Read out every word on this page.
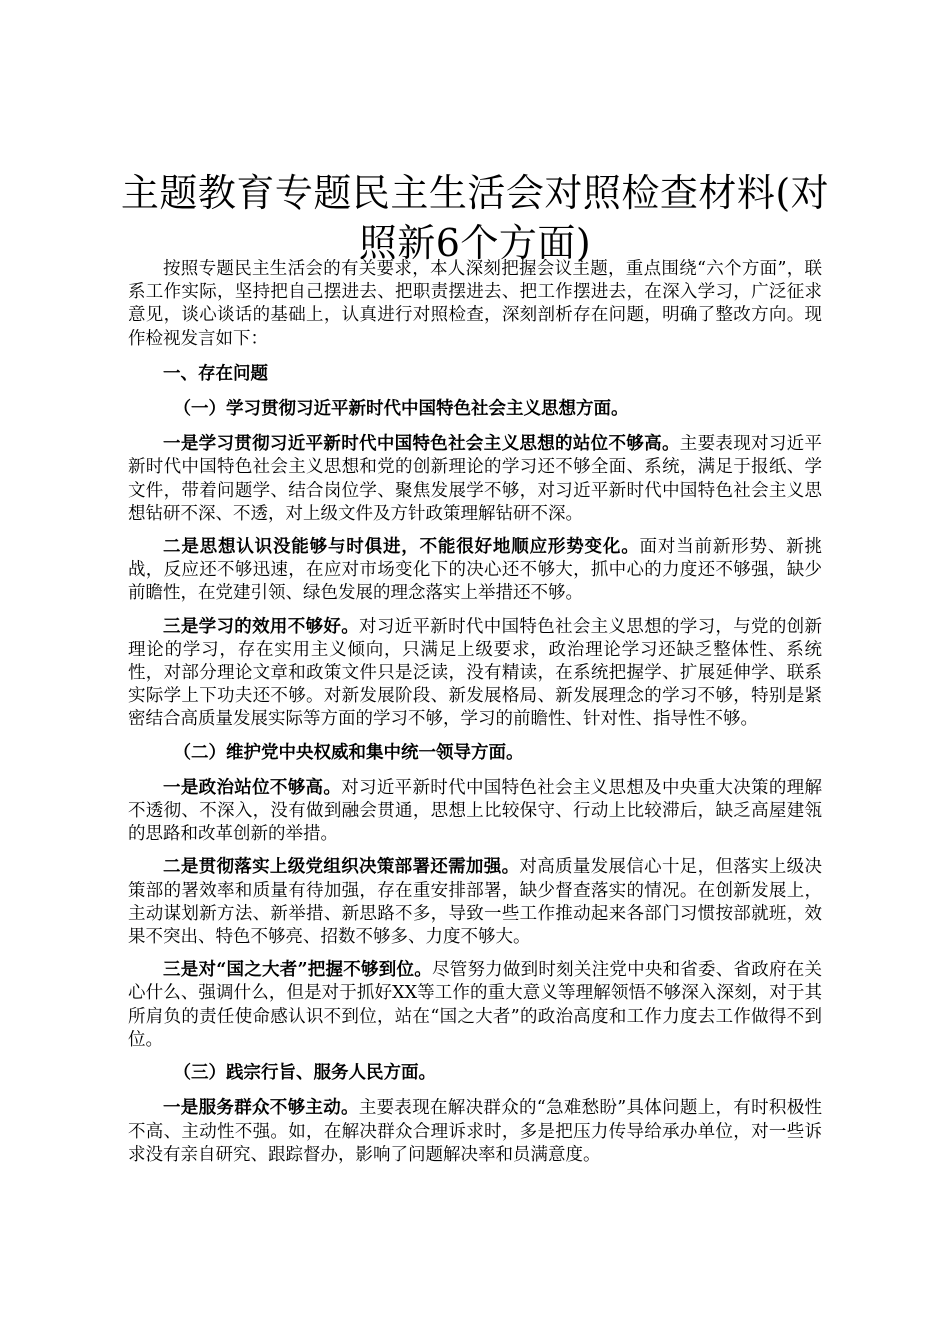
主题教育专题民主生活会对照检查材料(对照新6个方面)

按照专题民主生活会的有关要求，本人深刻把握会议主题，重点围绕“六个方面”，联系工作实际，坚持把自己摆进去、把职责摆进去、把工作摆进去，在深入学习，广泛征求意见，谈心谈话的基础上，认真进行对照检查，深刻剖析存在问题，明确了整改方向。现作检视发言如下：

一、存在问题

（一）学习贯彻习近平新时代中国特色社会主义思想方面。

一是学习贯彻习近平新时代中国特色社会主义思想的站位不够高。主要表现对习近平新时代中国特色社会主义思想和党的创新理论的学习还不够全面、系统，满足于报纸、学文件，带着问题学、结合岗位学、聚焦发展学不够，对习近平新时代中国特色社会主义思想钻研不深、不透，对上级文件及方针政策理解钻研不深。

二是思想认识没能够与时俱进，不能很好地顺应形势变化。面对当前新形势、新挑战，反应还不够迅速，在应对市场变化下的决心还不够大，抓中心的力度还不够强，缺少前瞻性，在党建引领、绿色发展的理念落实上举措还不够。

三是学习的效用不够好。对习近平新时代中国特色社会主义思想的学习，与党的创新理论的学习，存在实用主义倾向，只满足上级要求，政治理论学习还缺乏整体性、系统性，对部分理论文章和政策文件只是泛读，没有精读，在系统把握学、扩展延伸学、联系实际学上下功夫还不够。对新发展阶段、新发展格局、新发展理念的学习不够，特别是紧密结合高质量发展实际等方面的学习不够，学习的前瞻性、针对性、指导性不够。

（二）维护党中央权威和集中统一领导方面。

一是政治站位不够高。对习近平新时代中国特色社会主义思想及中央重大决策的理解不透彻、不深入，没有做到融会贯通，思想上比较保守、行动上比较滞后，缺乏高屋建瓴的思路和改革创新的举措。

二是贯彻落实上级党组织决策部署还需加强。对高质量发展信心十足，但落实上级决策部的署效率和质量有待加强，存在重安排部署，缺少督查落实的情况。在创新发展上，主动谋划新方法、新举措、新思路不多，导致一些工作推动起来各部门习惯按部就班，效果不突出、特色不够亮、招数不够多、力度不够大。

三是对“国之大者”把握不够到位。尽管努力做到时刻关注党中央和省委、省政府在关心什么、强调什么，但是对于抓好XX等工作的重大意义等理解领悟不够深入深刻，对于其所肩负的责任使命感认识不到位，站在“国之大者”的政治高度和工作力度去工作做得不到位。

（三）践宗行旨、服务人民方面。

一是服务群众不够主动。主要表现在解决群众的“急难愁盼”具体问题上，有时积极性不高、主动性不强。如，在解决群众合理诉求时，多是把压力传导给承办单位，对一些诉求没有亲自研究、跟踪督办，影响了问题解决率和员满意度。
